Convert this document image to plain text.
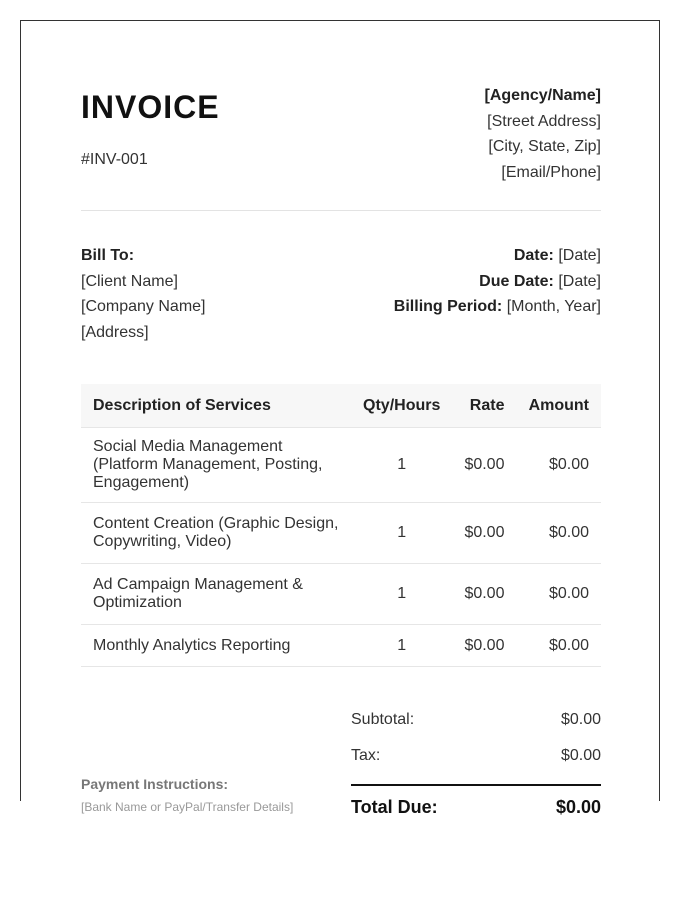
INVOICE
#INV-001
[Agency/Name]
[Street Address]
[City, State, Zip]
[Email/Phone]
Bill To:
[Client Name]
[Company Name]
[Address]
Date: [Date]
Due Date: [Date]
Billing Period: [Month, Year]
Description of Services	Qty/Hours	Rate	Amount
Social Media Management (Platform Management, Posting, Engagement)	1	$0.00	$0.00
Content Creation (Graphic Design, Copywriting, Video)	1	$0.00	$0.00
Ad Campaign Management & Optimization	1	$0.00	$0.00
Monthly Analytics Reporting	1	$0.00	$0.00
Subtotal:	$0.00
Tax:	$0.00
Total Due:	$0.00
Payment Instructions:
[Bank Name or PayPal/Transfer Details]
